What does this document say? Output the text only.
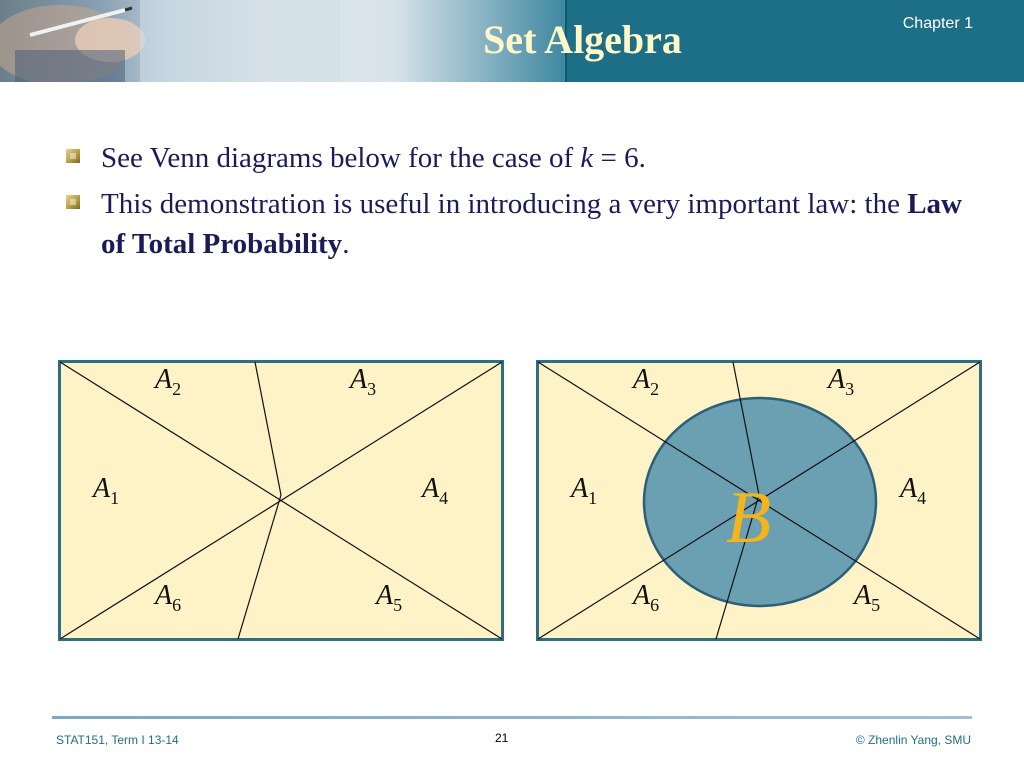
Set Algebra	Chapter 1
See Venn diagrams below for the case of k = 6.
This demonstration is useful in introducing a very important law: the Law of Total Probability.
$A_2$	$A_3$
$A_1$	$A_4$
$A_6$	$A_5$
$A_2$	$A_3$
$A_1$	$A_4$
$A_6$	$A_5$
B
STAT151, Term I 13-14	21	© Zhenlin Yang, SMU
